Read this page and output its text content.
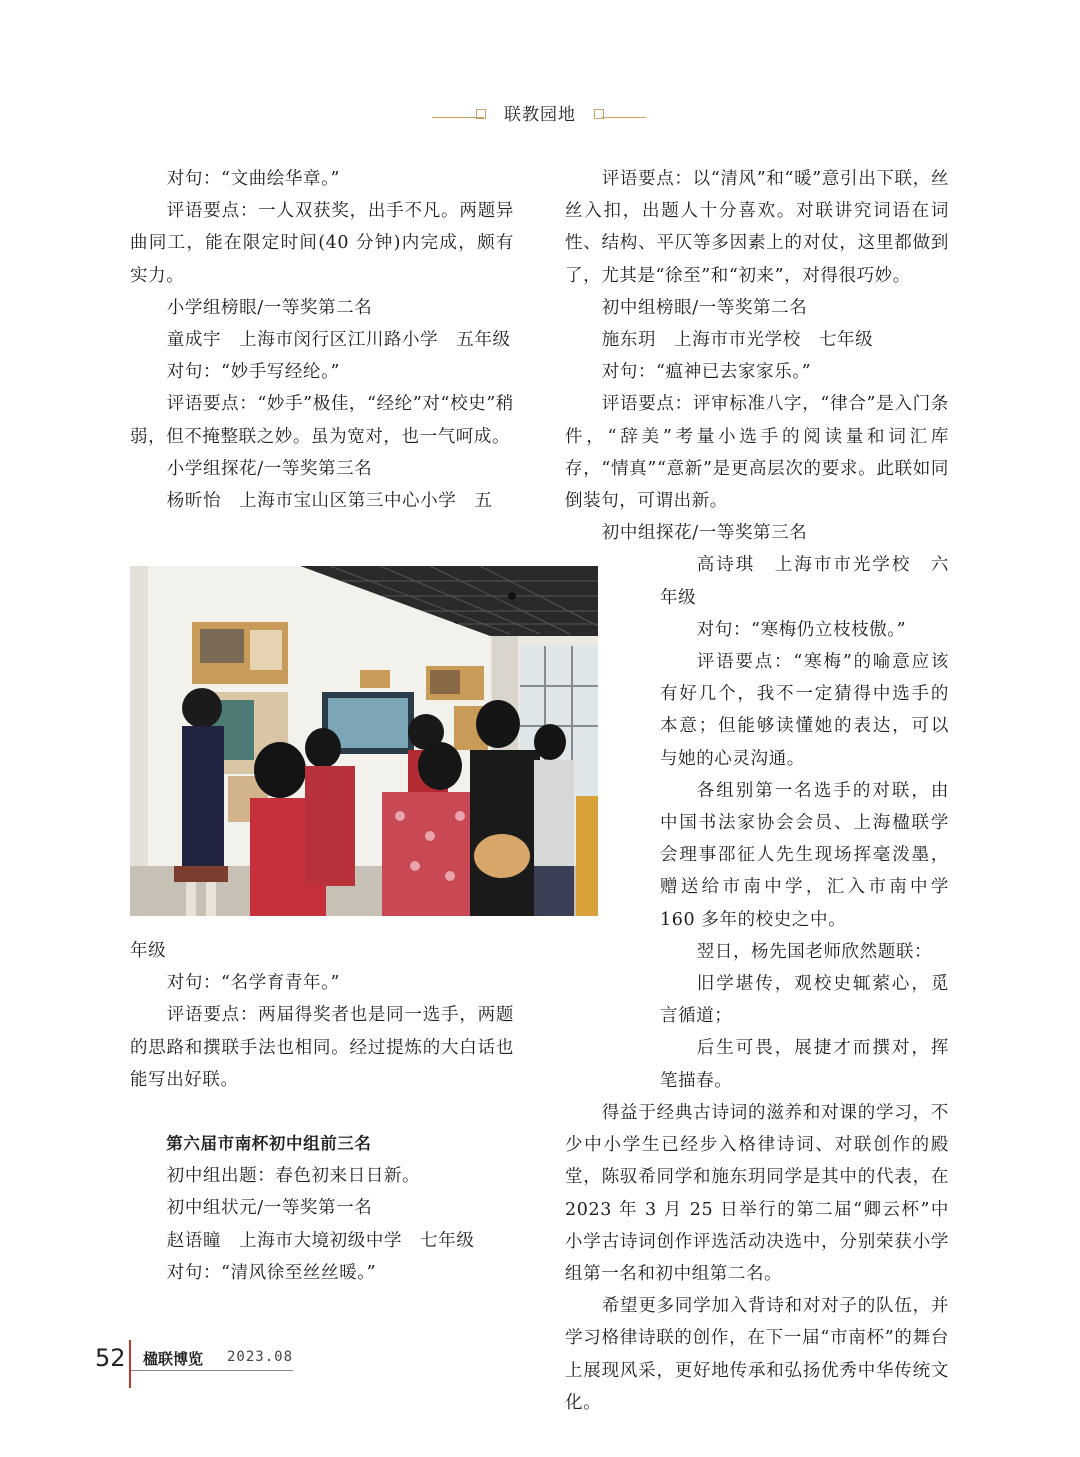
联教园地

对句：“文曲绘华章。”

评语要点：一人双获奖，出手不凡。两题异曲同工，能在限定时间(40 分钟)内完成，颇有实力。

小学组榜眼/一等奖第二名

童成宇　上海市闵行区江川路小学　五年级

对句：“妙手写经纶。”

评语要点：“妙手”极佳，“经纶”对“校史”稍弱，但不掩整联之妙。虽为宽对，也一气呵成。

小学组探花/一等奖第三名

杨昕怡　上海市宝山区第三中心小学　五

年级

对句：“名学育青年。”

评语要点：两届得奖者也是同一选手，两题的思路和撰联手法也相同。经过提炼的大白话也能写出好联。

第六届市南杯初中组前三名

初中组出题：春色初来日日新。

初中组状元/一等奖第一名

赵语瞳　上海市大境初级中学　七年级

对句：“清风徐至丝丝暖。”

评语要点：以“清风”和“暖”意引出下联，丝丝入扣，出题人十分喜欢。对联讲究词语在词性、结构、平仄等多因素上的对仗，这里都做到了，尤其是“徐至”和“初来”，对得很巧妙。

初中组榜眼/一等奖第二名

施东玥　上海市市光学校　七年级

对句：“瘟神已去家家乐。”

评语要点：评审标准八字，“律合”是入门条件，“辞美”考量小选手的阅读量和词汇库存，“情真”“意新”是更高层次的要求。此联如同倒装句，可谓出新。

初中组探花/一等奖第三名

高诗琪　上海市市光学校　六年级

对句：“寒梅仍立枝枝傲。”

评语要点：“寒梅”的喻意应该有好几个，我不一定猜得中选手的本意；但能够读懂她的表达，可以与她的心灵沟通。

各组别第一名选手的对联，由中国书法家协会会员、上海楹联学会理事邵征人先生现场挥毫泼墨，赠送给市南中学，汇入市南中学 160 多年的校史之中。

翌日，杨先国老师欣然题联：

旧学堪传，观校史辄萦心，觅言循道；

后生可畏，展捷才而撰对，挥笔描春。

得益于经典古诗词的滋养和对课的学习，不少中小学生已经步入格律诗词、对联创作的殿堂，陈驭希同学和施东玥同学是其中的代表，在 2023 年 3 月 25 日举行的第二届“卿云杯”中小学古诗词创作评选活动决选中，分别荣获小学组第一名和初中组第二名。

希望更多同学加入背诗和对对子的队伍，并学习格律诗联的创作，在下一届“市南杯”的舞台上展现风采，更好地传承和弘扬优秀中华传统文化。

52 楹联博览 2023.08
